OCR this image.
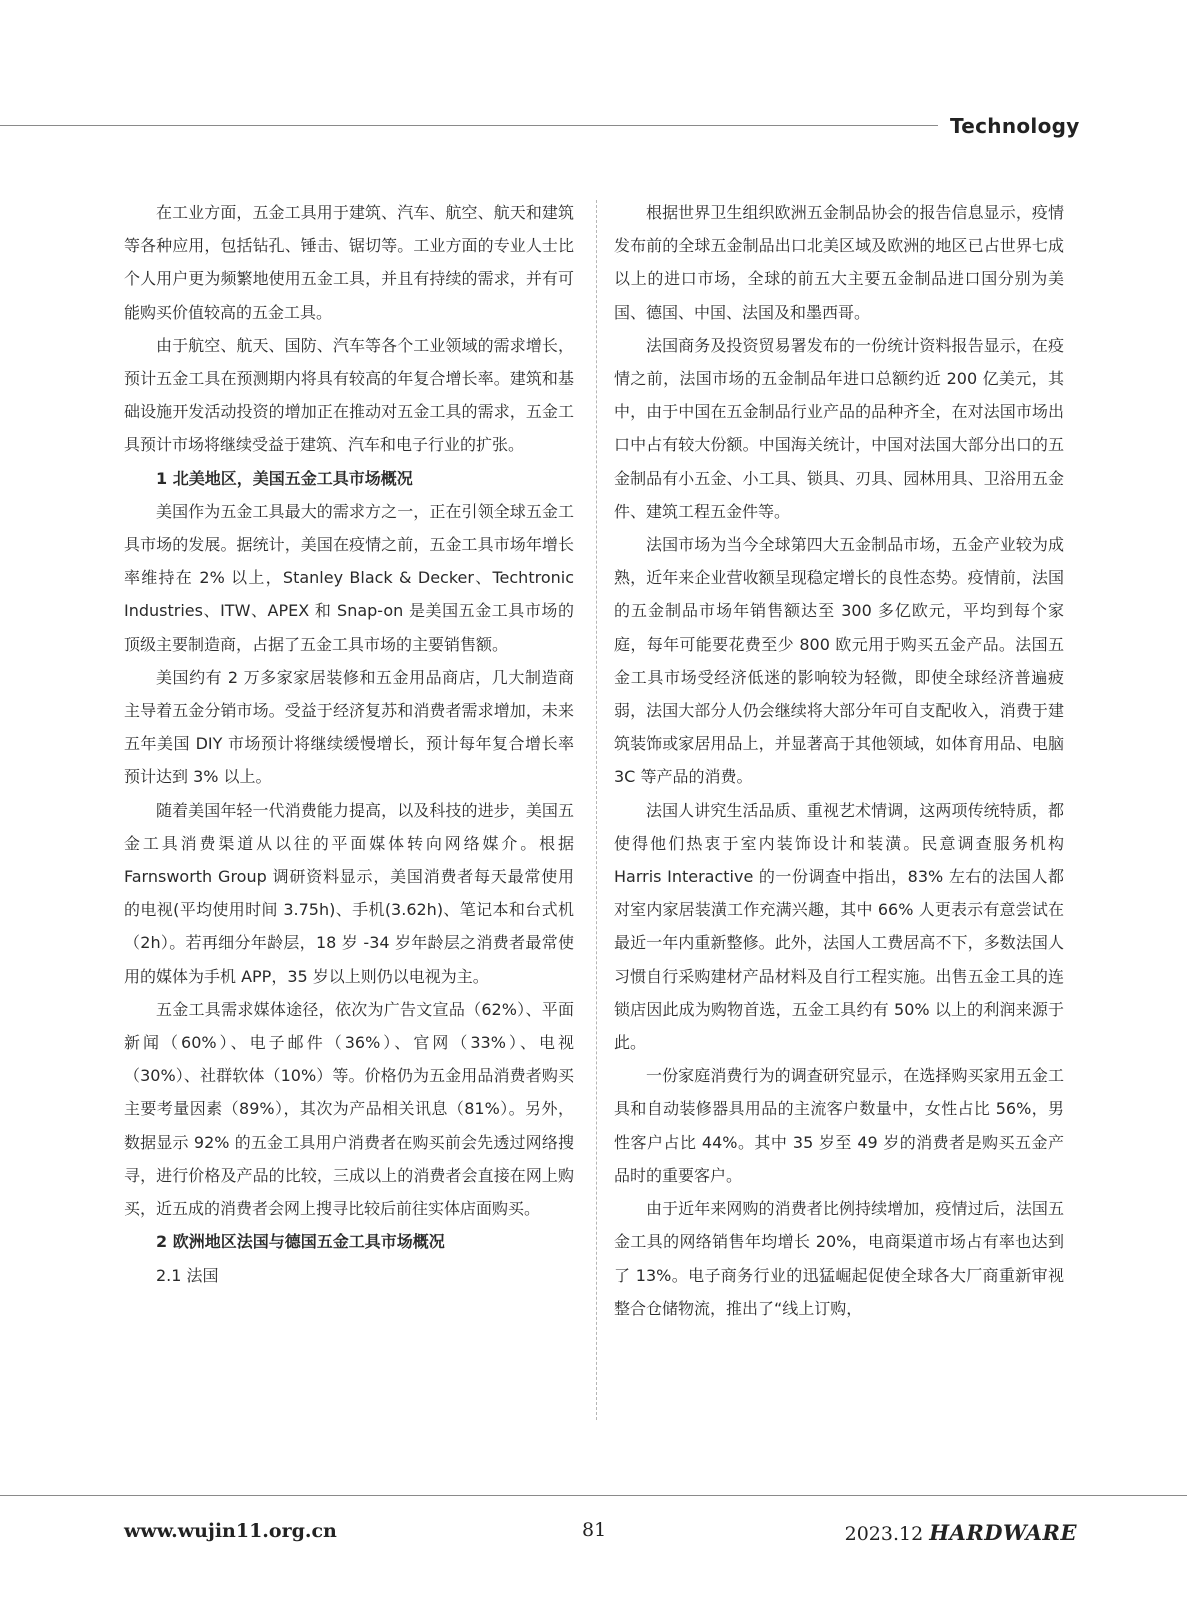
Technology

在工业方面，五金工具用于建筑、汽车、航空、航天和建筑等各种应用，包括钻孔、锤击、锯切等。工业方面的专业人士比个人用户更为频繁地使用五金工具，并且有持续的需求，并有可能购买价值较高的五金工具。

由于航空、航天、国防、汽车等各个工业领域的需求增长，预计五金工具在预测期内将具有较高的年复合增长率。建筑和基础设施开发活动投资的增加正在推动对五金工具的需求，五金工具预计市场将继续受益于建筑、汽车和电子行业的扩张。

1 北美地区，美国五金工具市场概况

美国作为五金工具最大的需求方之一，正在引领全球五金工具市场的发展。据统计，美国在疫情之前，五金工具市场年增长率维持在 2% 以上，Stanley Black & Decker、Techtronic Industries、ITW、APEX 和 Snap-on 是美国五金工具市场的顶级主要制造商，占据了五金工具市场的主要销售额。

美国约有 2 万多家家居装修和五金用品商店，几大制造商主导着五金分销市场。受益于经济复苏和消费者需求增加，未来五年美国 DIY 市场预计将继续缓慢增长，预计每年复合增长率预计达到 3% 以上。

随着美国年轻一代消费能力提高，以及科技的进步，美国五金工具消费渠道从以往的平面媒体转向网络媒介。根据 Farnsworth Group 调研资料显示，美国消费者每天最常使用的电视(平均使用时间 3.75h)、手机(3.62h)、笔记本和台式机（2h）。若再细分年龄层，18 岁 -34 岁年龄层之消费者最常使用的媒体为手机 APP，35 岁以上则仍以电视为主。

五金工具需求媒体途径，依次为广告文宣品（62%）、平面新闻（60%）、电子邮件（36%）、官网（33%）、电视（30%）、社群软体（10%）等。价格仍为五金用品消费者购买主要考量因素（89%），其次为产品相关讯息（81%）。另外，数据显示 92% 的五金工具用户消费者在购买前会先透过网络搜寻，进行价格及产品的比较，三成以上的消费者会直接在网上购买，近五成的消费者会网上搜寻比较后前往实体店面购买。

2 欧洲地区法国与德国五金工具市场概况

2.1 法国

根据世界卫生组织欧洲五金制品协会的报告信息显示，疫情发布前的全球五金制品出口北美区域及欧洲的地区已占世界七成以上的进口市场，全球的前五大主要五金制品进口国分别为美国、德国、中国、法国及和墨西哥。

法国商务及投资贸易署发布的一份统计资料报告显示，在疫情之前，法国市场的五金制品年进口总额约近 200 亿美元，其中，由于中国在五金制品行业产品的品种齐全，在对法国市场出口中占有较大份额。中国海关统计，中国对法国大部分出口的五金制品有小五金、小工具、锁具、刃具、园林用具、卫浴用五金件、建筑工程五金件等。

法国市场为当今全球第四大五金制品市场，五金产业较为成熟，近年来企业营收额呈现稳定增长的良性态势。疫情前，法国的五金制品市场年销售额达至 300 多亿欧元，平均到每个家庭，每年可能要花费至少 800 欧元用于购买五金产品。法国五金工具市场受经济低迷的影响较为轻微，即使全球经济普遍疲弱，法国大部分人仍会继续将大部分年可自支配收入，消费于建筑装饰或家居用品上，并显著高于其他领域，如体育用品、电脑 3C 等产品的消费。

法国人讲究生活品质、重视艺术情调，这两项传统特质，都使得他们热衷于室内装饰设计和装潢。民意调查服务机构 Harris Interactive 的一份调查中指出，83% 左右的法国人都对室内家居装潢工作充满兴趣，其中 66% 人更表示有意尝试在最近一年内重新整修。此外，法国人工费居高不下，多数法国人习惯自行采购建材产品材料及自行工程实施。出售五金工具的连锁店因此成为购物首选，五金工具约有 50% 以上的利润来源于此。

一份家庭消费行为的调查研究显示，在选择购买家用五金工具和自动装修器具用品的主流客户数量中，女性占比 56%，男性客户占比 44%。其中 35 岁至 49 岁的消费者是购买五金产品时的重要客户。

由于近年来网购的消费者比例持续增加，疫情过后，法国五金工具的网络销售年均增长 20%，电商渠道市场占有率也达到了 13%。电子商务行业的迅猛崛起促使全球各大厂商重新审视整合仓储物流，推出了“线上订购，

www.wujin11.org.cn	81	2023.12 HARDWARE
